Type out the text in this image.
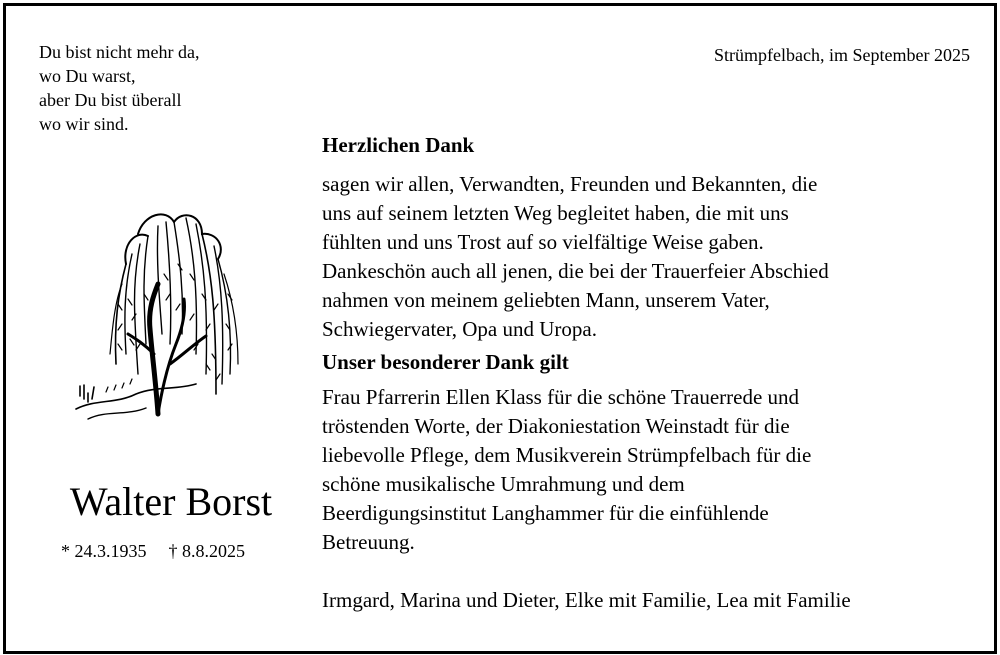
Du bist nicht mehr da,
wo Du warst,
aber Du bist überall
wo wir sind.
Strümpfelbach, im September 2025
Walter Borst
* 24.3.1935 † 8.8.2025

Herzlichen Dank

sagen wir allen, Verwandten, Freunden und Bekannten, die
uns auf seinem letzten Weg begleitet haben, die mit uns
fühlten und uns Trost auf so vielfältige Weise gaben.
Dankeschön auch all jenen, die bei der Trauerfeier Abschied
nahmen von meinem geliebten Mann, unserem Vater,
Schwiegervater, Opa und Uropa.

Unser besonderer Dank gilt

Frau Pfarrerin Ellen Klass für die schöne Trauerrede und
tröstenden Worte, der Diakoniestation Weinstadt für die
liebevolle Pflege, dem Musikverein Strümpfelbach für die
schöne musikalische Umrahmung und dem
Beerdigungsinstitut Langhammer für die einfühlende
Betreuung.

Irmgard, Marina und Dieter, Elke mit Familie, Lea mit Familie
